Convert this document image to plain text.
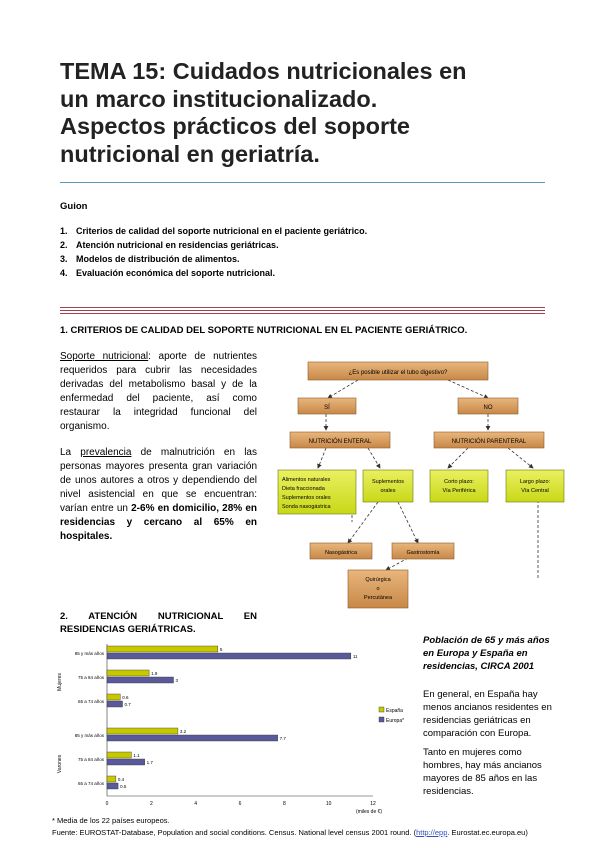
TEMA 15: Cuidados nutricionales en
un marco institucionalizado.
Aspectos prácticos del soporte
nutricional en geriatría.
Guion
1. Criterios de calidad del soporte nutricional en el paciente geriátrico.
2. Atención nutricional en residencias geriátricas.
3. Modelos de distribución de alimentos.
4. Evaluación económica del soporte nutricional.
1. CRITERIOS DE CALIDAD DEL SOPORTE NUTRICIONAL EN EL PACIENTE GERIÁTRICO.
Soporte nutricional: aporte de nutrientes requeridos para cubrir las necesidades derivadas del metabolismo basal y de la enfermedad del paciente, así como restaurar la integridad funcional del organismo.
La prevalencia de malnutrición en las personas mayores presenta gran variación de unos autores a otros y dependiendo del nivel asistencial en que se encuentran: varían entre un 2-6% en domicilio, 28% en residencias y cercano al 65% en hospitales.
¿Es posible utilizar el tubo digestivo?
SÍ	NO
NUTRICIÓN ENTERAL	NUTRICIÓN PARENTERAL
Alimentos naturales
Dieta fraccionada
Suplementos orales
Sonda nasogástrica
Suplementos
orales
Corto plazo:
Vía Periférica
Largo plazo:
Vía Central
Nasogástrica	Gastrostomía
Quirúrgica
o
Percutánea
2. ATENCIÓN NUTRICIONAL EN RESIDENCIAS GERIÁTRICAS.
0	2	4	6	8	10	12
(miles de €)
85 y más años
5
11
75 a 84 años
1.9
3
65 a 74 años
0.6
0.7
85 y más años
3.2
7.7
75 a 84 años
1.1
1.7
65 a 74 años
0.4
0.5
Mujeres
Varones
España
Europa*
Población de 65 y más años en Europa y España en residencias, CIRCA 2001
En general, en España hay menos ancianos residentes en residencias geriátricas en comparación con Europa.
Tanto en mujeres como hombres, hay más ancianos mayores de 85 años en las residencias.
* Media de los 22 países europeos.
Fuente: EUROSTAT-Database, Population and social conditions. Census. National level census 2001 round. (http://epp. Eurostat.ec.europa.eu)
